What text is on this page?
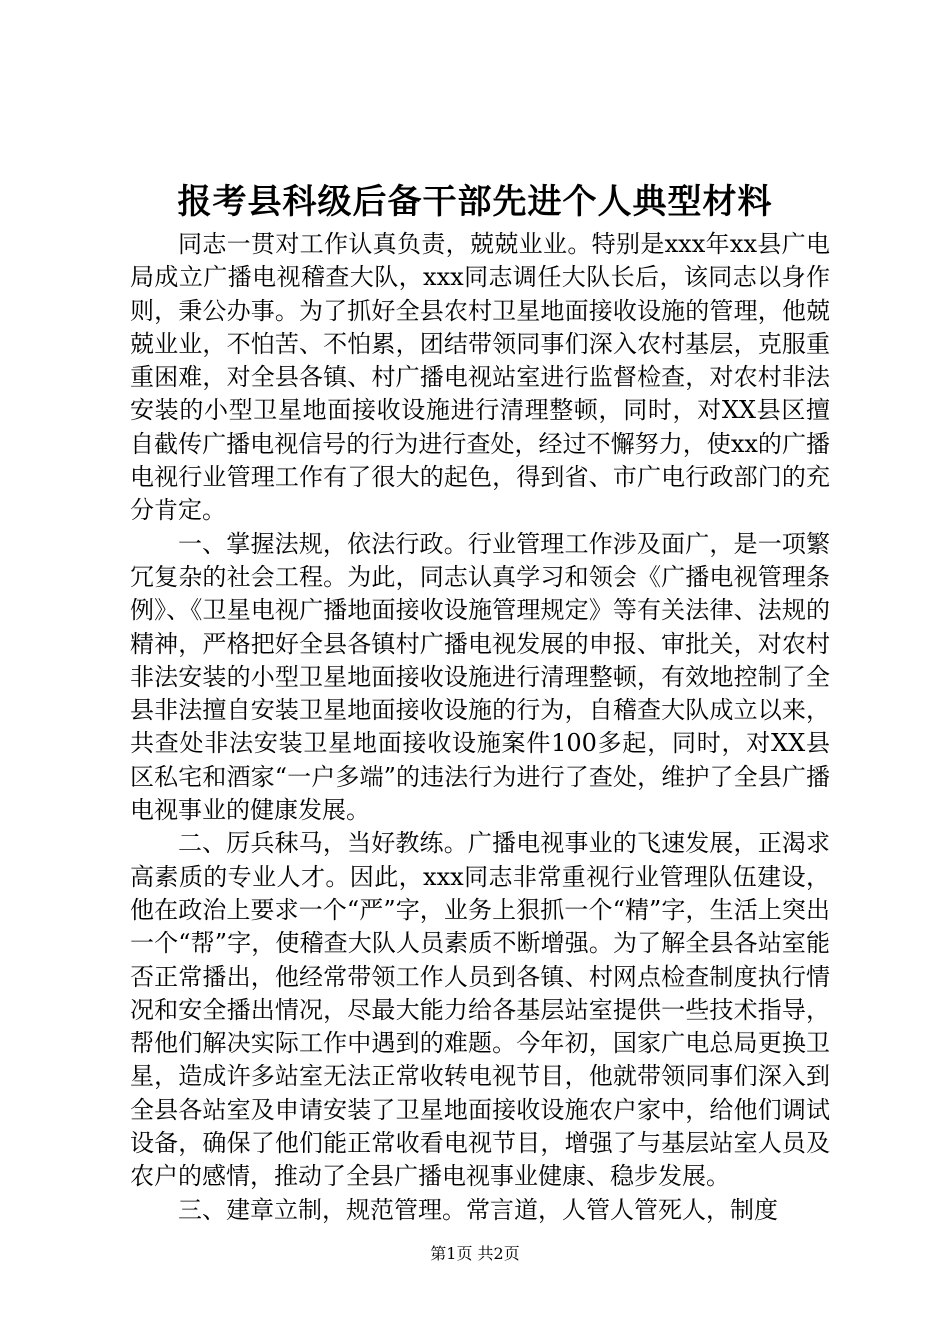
报考县科级后备干部先进个人典型材料

同志一贯对工作认真负责，兢兢业业。特别是xxx年xx县广电局成立广播电视稽查大队，xxx同志调任大队长后，该同志以身作则，秉公办事。为了抓好全县农村卫星地面接收设施的管理，他兢兢业业，不怕苦、不怕累，团结带领同事们深入农村基层，克服重重困难，对全县各镇、村广播电视站室进行监督检查，对农村非法安装的小型卫星地面接收设施进行清理整顿，同时，对XX县区擅自截传广播电视信号的行为进行查处，经过不懈努力，使xx的广播电视行业管理工作有了很大的起色，得到省、市广电行政部门的充分肯定。

一、掌握法规，依法行政。行业管理工作涉及面广，是一项繁冗复杂的社会工程。为此，同志认真学习和领会《广播电视管理条例》、《卫星电视广播地面接收设施管理规定》等有关法律、法规的精神，严格把好全县各镇村广播电视发展的申报、审批关，对农村非法安装的小型卫星地面接收设施进行清理整顿，有效地控制了全县非法擅自安装卫星地面接收设施的行为，自稽查大队成立以来，共查处非法安装卫星地面接收设施案件100多起，同时，对XX县区私宅和酒家“一户多端”的违法行为进行了查处，维护了全县广播电视事业的健康发展。

二、厉兵秣马，当好教练。广播电视事业的飞速发展，正渴求高素质的专业人才。因此，xxx同志非常重视行业管理队伍建设，他在政治上要求一个“严”字，业务上狠抓一个“精”字，生活上突出一个“帮”字，使稽查大队人员素质不断增强。为了解全县各站室能否正常播出，他经常带领工作人员到各镇、村网点检查制度执行情况和安全播出情况，尽最大能力给各基层站室提供一些技术指导，帮他们解决实际工作中遇到的难题。今年初，国家广电总局更换卫星，造成许多站室无法正常收转电视节目，他就带领同事们深入到全县各站室及申请安装了卫星地面接收设施农户家中，给他们调试设备，确保了他们能正常收看电视节目，增强了与基层站室人员及农户的感情，推动了全县广播电视事业健康、稳步发展。

三、建章立制，规范管理。常言道，人管人管死人，制度

第1页 共2页
